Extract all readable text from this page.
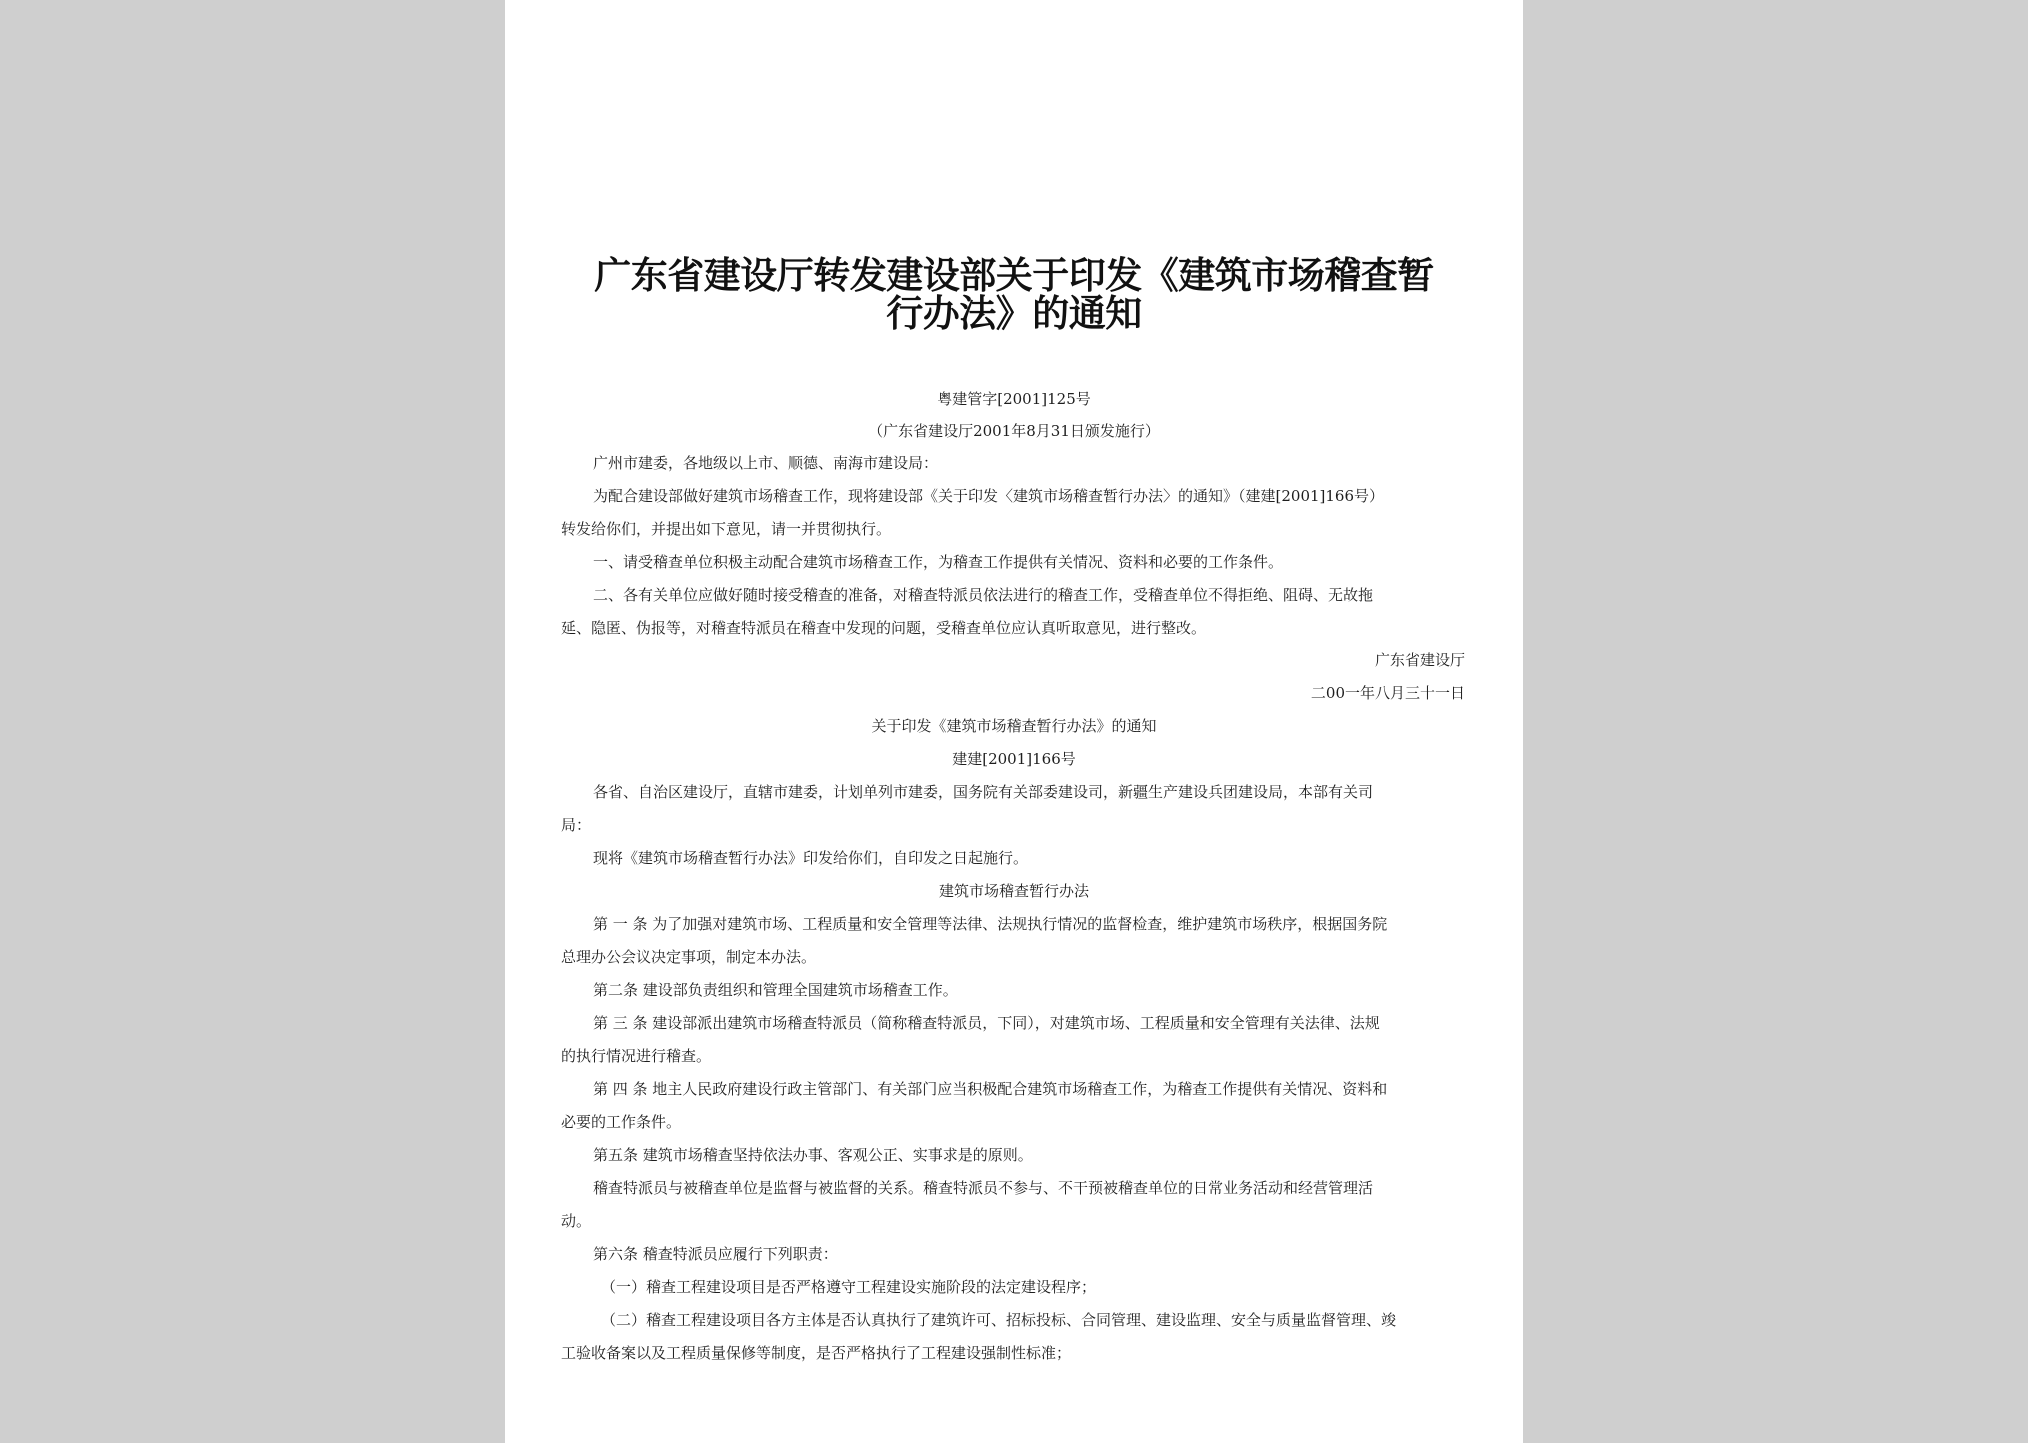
广东省建设厅转发建设部关于印发《建筑市场稽查暂
行办法》的通知
粤建管字[2001]125号
（广东省建设厅2001年8月31日颁发施行）
广州市建委，各地级以上市、顺德、南海市建设局：
为配合建设部做好建筑市场稽查工作，现将建设部《关于印发〈建筑市场稽查暂行办法〉的通知》（建建[2001]166号）
转发给你们，并提出如下意见，请一并贯彻执行。
一、请受稽查单位积极主动配合建筑市场稽查工作，为稽查工作提供有关情况、资料和必要的工作条件。
二、各有关单位应做好随时接受稽查的准备，对稽查特派员依法进行的稽查工作，受稽查单位不得拒绝、阻碍、无故拖
延、隐匿、伪报等，对稽查特派员在稽查中发现的问题，受稽查单位应认真听取意见，进行整改。
广东省建设厅
二00一年八月三十一日
关于印发《建筑市场稽查暂行办法》的通知
建建[2001]166号
各省、自治区建设厅，直辖市建委，计划单列市建委，国务院有关部委建设司，新疆生产建设兵团建设局，本部有关司
局：
现将《建筑市场稽查暂行办法》印发给你们，自印发之日起施行。
建筑市场稽查暂行办法
第 一 条 为了加强对建筑市场、工程质量和安全管理等法律、法规执行情况的监督检查，维护建筑市场秩序，根据国务院
总理办公会议决定事项，制定本办法。
第二条 建设部负责组织和管理全国建筑市场稽查工作。
第 三 条 建设部派出建筑市场稽查特派员（简称稽查特派员，下同），对建筑市场、工程质量和安全管理有关法律、法规
的执行情况进行稽查。
第 四 条 地主人民政府建设行政主管部门、有关部门应当积极配合建筑市场稽查工作，为稽查工作提供有关情况、资料和
必要的工作条件。
第五条 建筑市场稽查坚持依法办事、客观公正、实事求是的原则。
稽查特派员与被稽查单位是监督与被监督的关系。稽查特派员不参与、不干预被稽查单位的日常业务活动和经营管理活
动。
第六条 稽查特派员应履行下列职责：
（一）稽查工程建设项目是否严格遵守工程建设实施阶段的法定建设程序；
（二）稽查工程建设项目各方主体是否认真执行了建筑许可、招标投标、合同管理、建设监理、安全与质量监督管理、竣
工验收备案以及工程质量保修等制度，是否严格执行了工程建设强制性标准；
